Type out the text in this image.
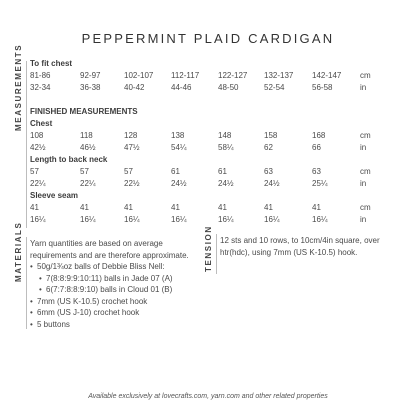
PEPPERMINT PLAID CARDIGAN
MEASUREMENTS To fit chest
81-86	92-97	102-107 112-117 122-127 132-137 142-147 cm
32-34	36-38	40-42	44-46	48-50	52-54	56-58	in
FINISHED MEASUREMENTS
Chest
108	118	128	138	148	158	168	cm
42½	46½	47½	54¼	58¼	62	66	in
Length to back neck
57	57	57	61	61	63	63	cm
22¼	22¼	22½	24½	24½	24½	25¼	in
Sleeve seam
41	41	41	41	41	41	41	cm
16¼	16¼	16¼	16¼	16¼	16¼	16¼	in
MATERIALS Yarn quantities are based on average
requirements and are therefore approximate.
• 50g/1¾oz balls of Debbie Bliss Nell:
• 7(8:8:9:9:10:11) balls in Jade 07 (A)
• 6(7:7:8:8:9:10) balls in Cloud 01 (B)
• 7mm (US K-10.5) crochet hook
• 6mm (US J-10) crochet hook
• 5 buttons
TENSION 12 sts and 10 rows, to 10cm/4in square, over
htr(hdc), using 7mm (US K-10.5) hook.
Available exclusively at lovecrafts.com, yarn.com and other related properties
